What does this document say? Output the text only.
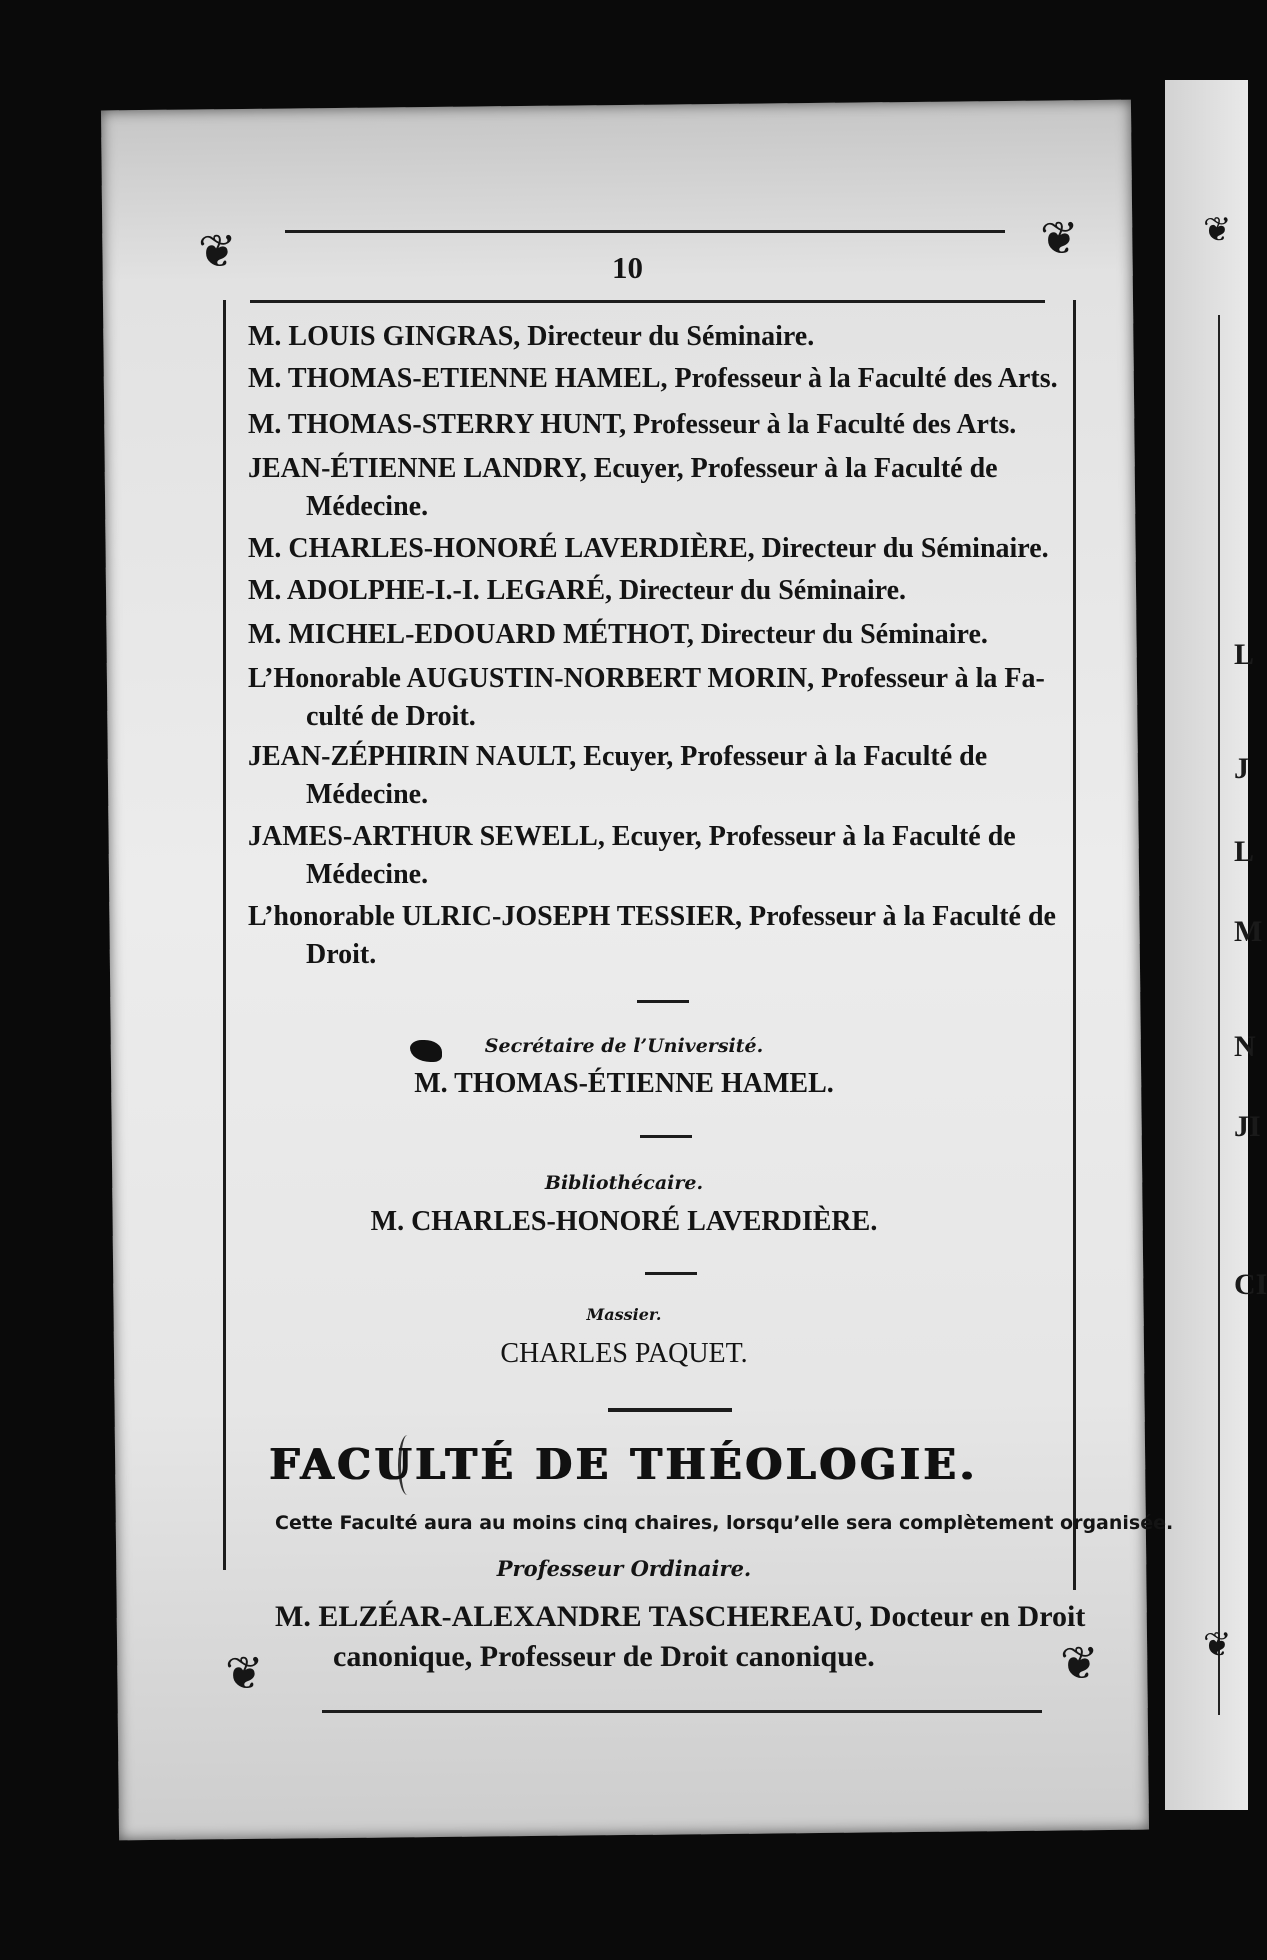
❦
❦
L
J
L
M
N
JI
CI
❦	❦
❦	❦
10
M. LOUIS GINGRAS, Directeur du Séminaire.
M. THOMAS-ETIENNE HAMEL, Professeur à la Faculté des Arts.
M. THOMAS-STERRY HUNT, Professeur à la Faculté des Arts.
JEAN-ÉTIENNE LANDRY, Ecuyer, Professeur à la Faculté de
Médecine.
M. CHARLES-HONORÉ LAVERDIÈRE, Directeur du Séminaire.
M. ADOLPHE-I.-I. LEGARÉ, Directeur du Séminaire.
M. MICHEL-EDOUARD MÉTHOT, Directeur du Séminaire.
L’Honorable AUGUSTIN-NORBERT MORIN, Professeur à la Fa-
culté de Droit.
JEAN-ZÉPHIRIN NAULT, Ecuyer, Professeur à la Faculté de
Médecine.
JAMES-ARTHUR SEWELL, Ecuyer, Professeur à la Faculté de
Médecine.
L’honorable ULRIC-JOSEPH TESSIER, Professeur à la Faculté de
Droit.
Secrétaire de l’Université.
M. THOMAS-ÉTIENNE HAMEL.
Bibliothécaire.
M. CHARLES-HONORÉ LAVERDIÈRE.
Massier.
CHARLES PAQUET.
FACULTÉ DE THÉOLOGIE.
Cette Faculté aura au moins cinq chaires, lorsqu’elle sera complètement organisée.
Professeur Ordinaire.
M. ELZÉAR-ALEXANDRE TASCHEREAU, Docteur en Droit
canonique, Professeur de Droit canonique.
